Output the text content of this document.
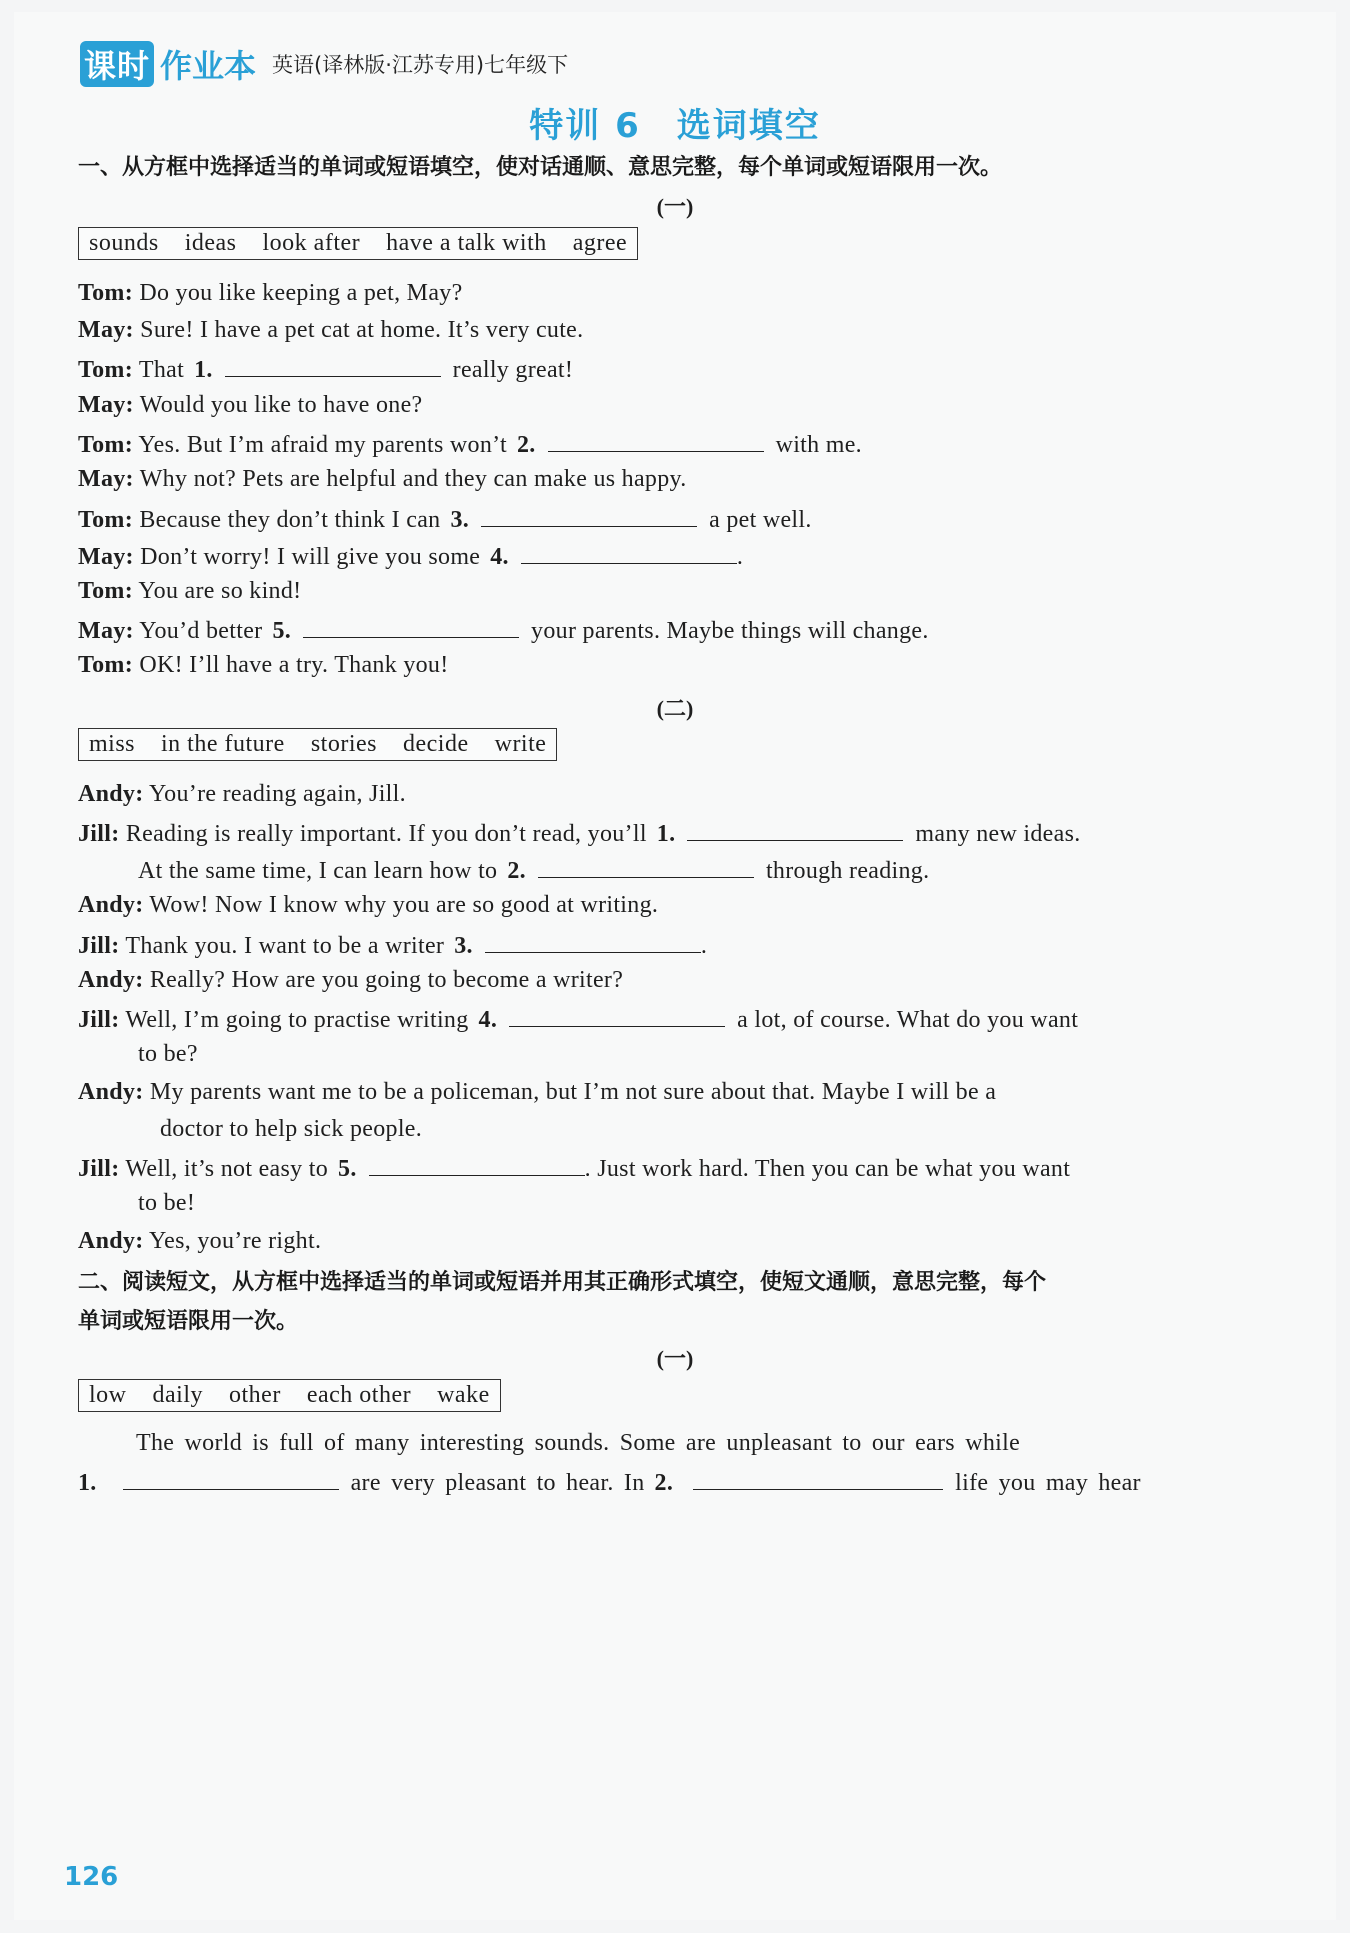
课时 作业本 英语(译林版·江苏专用)七年级下
特训 6 选词填空
一、从方框中选择适当的单词或短语填空，使对话通顺、意思完整，每个单词或短语限用一次。
(一)
sounds ideas look after have a talk with agree
Tom: Do you like keeping a pet, May?
May: Sure! I have a pet cat at home. It’s very cute.
Tom: That 1.	really great!
May: Would you like to have one?
Tom: Yes. But I’m afraid my parents won’t 2.	with me.
May: Why not? Pets are helpful and they can make us happy.
Tom: Because they don’t think I can 3.	a pet well.
May: Don’t worry! I will give you some 4.	.
Tom: You are so kind!
May: You’d better 5.	your parents. Maybe things will change.
Tom: OK! I’ll have a try. Thank you!
(二)
miss in the future stories decide write
Andy: You’re reading again, Jill.
Jill: Reading is really important. If you don’t read, you’ll 1.	many new ideas.
At the same time, I can learn how to 2.	through reading.
Andy: Wow! Now I know why you are so good at writing.
Jill: Thank you. I want to be a writer 3.	.
Andy: Really? How are you going to become a writer?
Jill: Well, I’m going to practise writing 4.	a lot, of course. What do you want
to be?
Andy: My parents want me to be a policeman, but I’m not sure about that. Maybe I will be a
doctor to help sick people.
Jill: Well, it’s not easy to 5.	. Just work hard. Then you can be what you want
to be!
Andy: Yes, you’re right.
二、阅读短文，从方框中选择适当的单词或短语并用其正确形式填空，使短文通顺，意思完整，每个
单词或短语限用一次。
(一)
low daily other each other wake
The world is full of many interesting sounds. Some are unpleasant to our ears while
1.	are very pleasant to hear. In 2.	life you may hear
126
